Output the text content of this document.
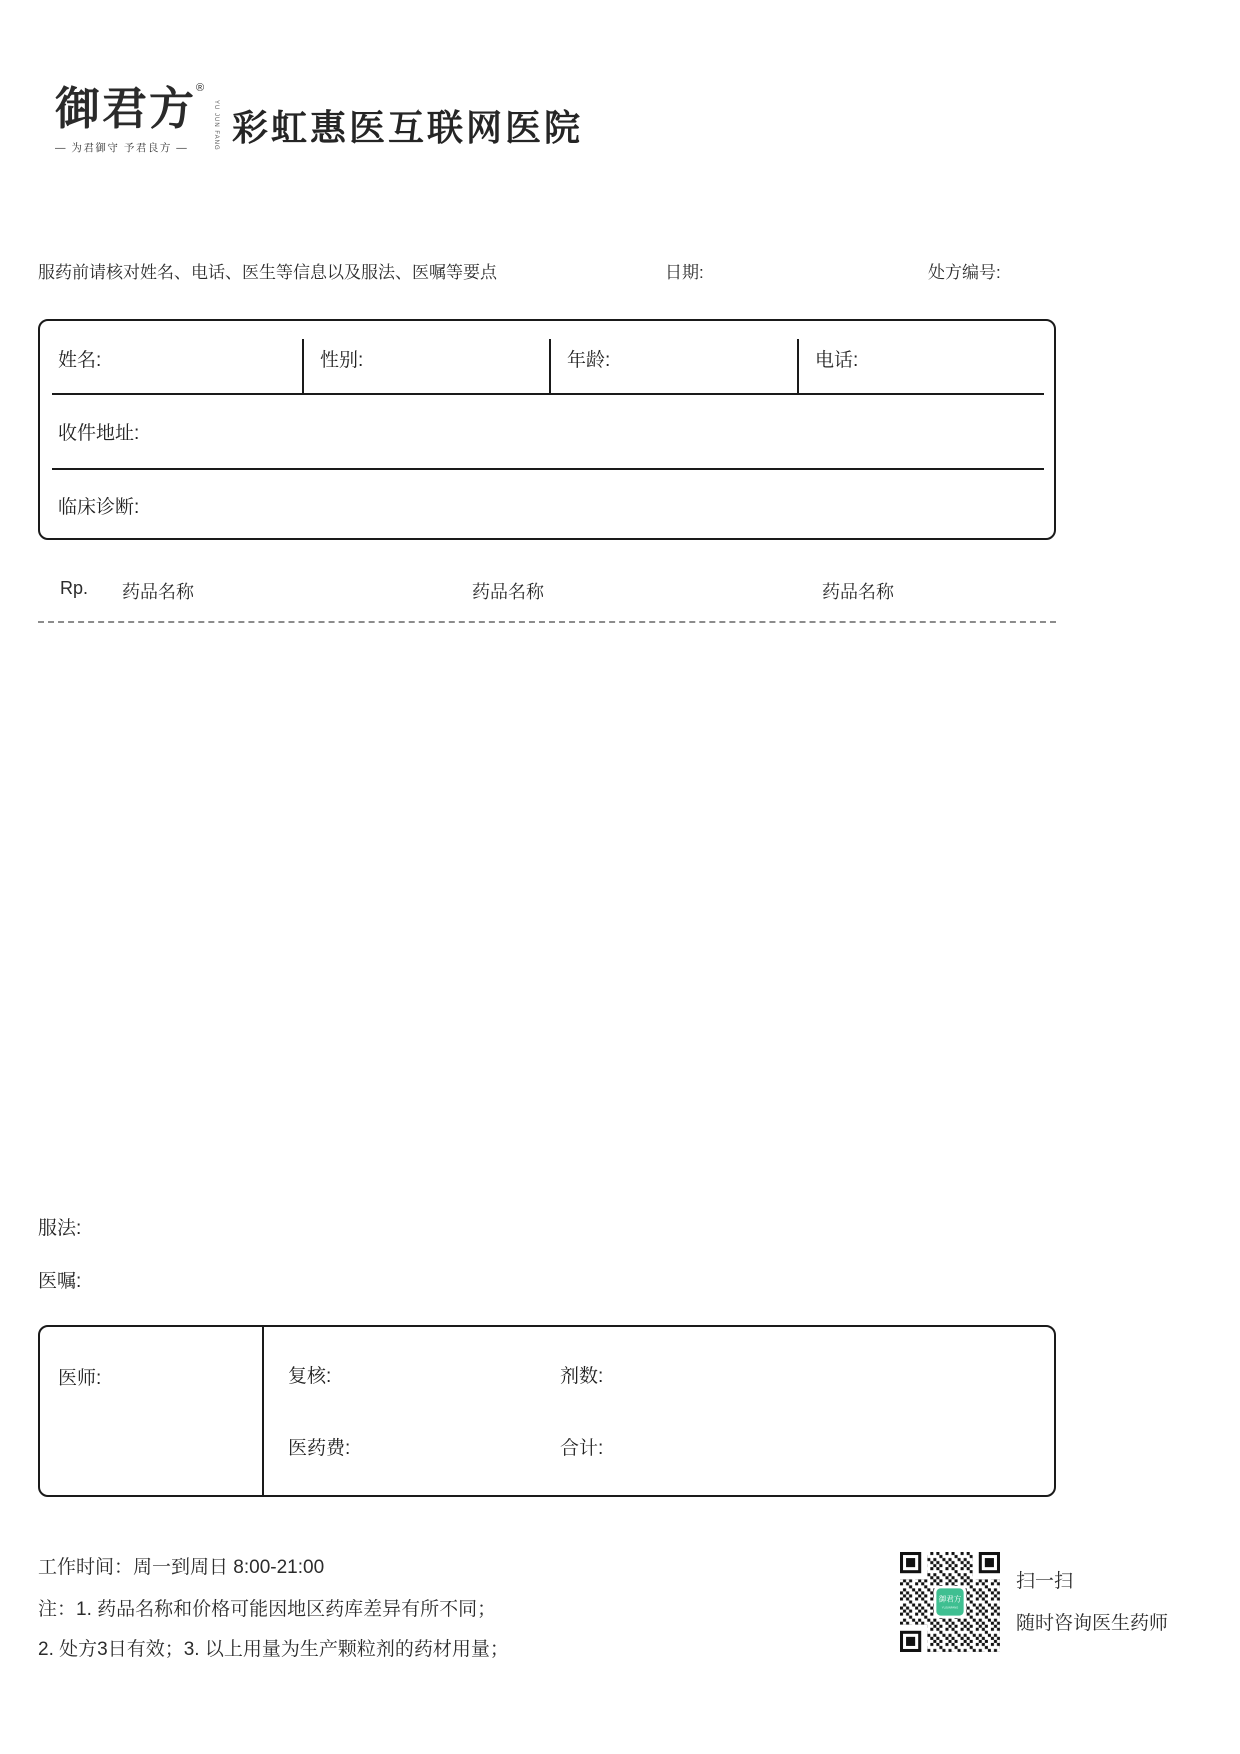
御君方®
YU JUN FANG
— 为君御守 予君良方 —	彩虹惠医互联网医院
服药前请核对姓名、电话、医生等信息以及服法、医嘱等要点	日期:	处方编号:
姓名:	性别:	年龄:	电话:
收件地址:
临床诊断:
Rp. 药品名称	药品名称	药品名称
服法:
医嘱:
医师:	复核:	剂数:
医药费:	合计:
工作时间：周一到周日 8:00-21:00
注：1. 药品名称和价格可能因地区药库差异有所不同；
2. 处方3日有效；3. 以上用量为生产颗粒剂的药材用量；
御君方
扫一扫
随时咨询医生药师
